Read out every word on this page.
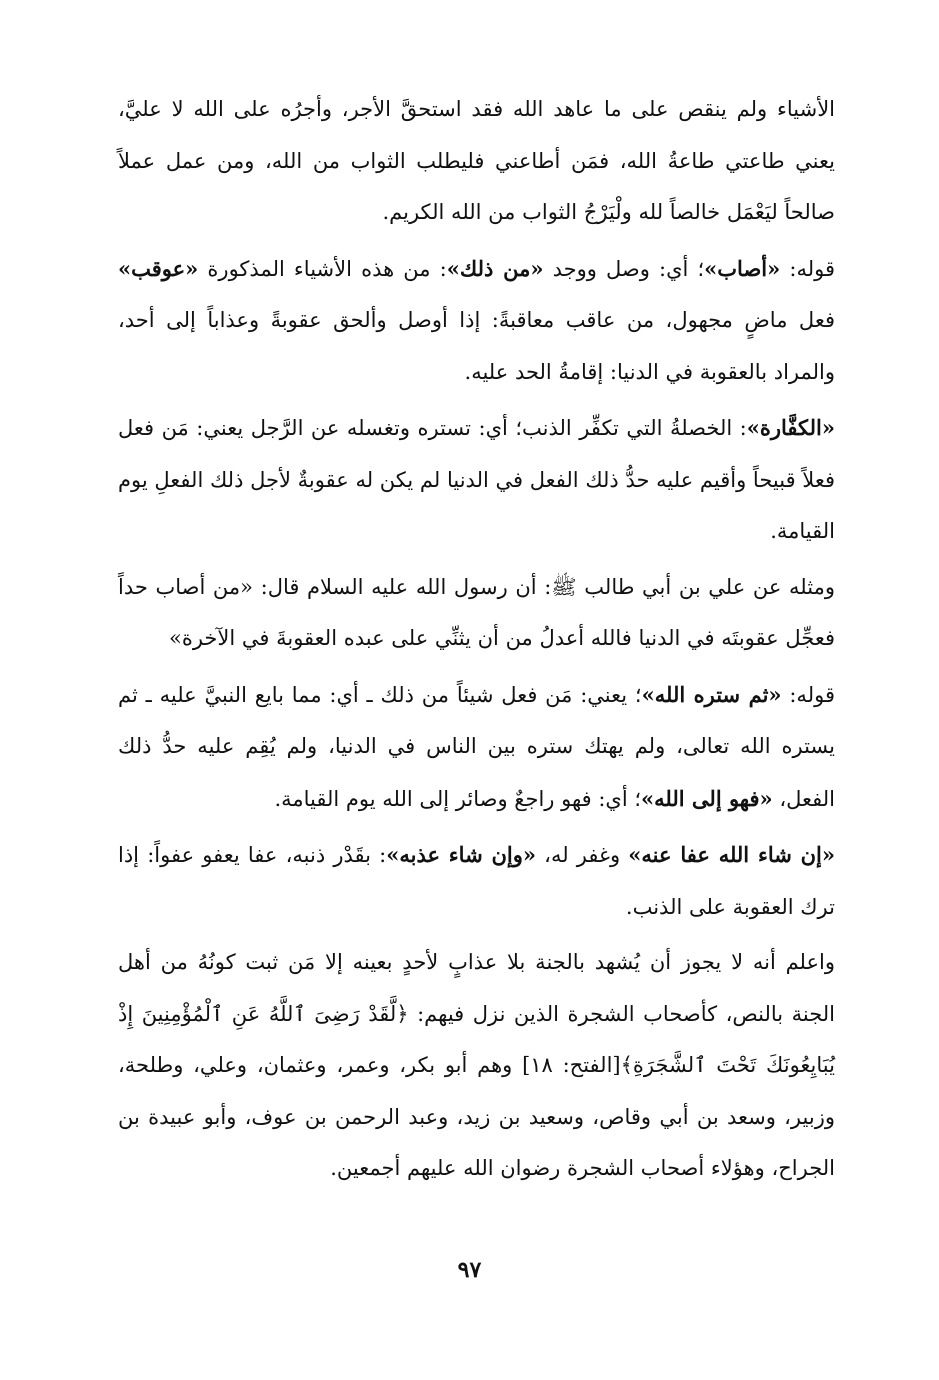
الأشياء ولم ينقص على ما عاهد الله فقد استحقَّ الأجر، وأجرُه على الله لا عليَّ، يعني طاعتي طاعةُ الله، فمَن أطاعني فليطلب الثواب من الله، ومن عمل عملاً صالحاً ليَعْمَل خالصاً لله ولْيَرْجُ الثواب من الله الكريم.

قوله: «أصاب»؛ أي: وصل ووجد «من ذلك»: من هذه الأشياء المذكورة «عوقب» فعل ماضٍ مجهول، من عاقب معاقبةً: إذا أوصل وألحق عقوبةً وعذاباً إلى أحد، والمراد بالعقوبة في الدنيا: إقامةُ الحد عليه.

«الكفَّارة»: الخصلةُ التي تكفِّر الذنب؛ أي: تستره وتغسله عن الرَّجل يعني: مَن فعل فعلاً قبيحاً وأقيم عليه حدُّ ذلك الفعل في الدنيا لم يكن له عقوبةٌ لأجل ذلك الفعلِ يوم القيامة.

ومثله عن علي بن أبي طالب ﷺ: أن رسول الله عليه السلام قال: «من أصاب حداً فعجِّل عقوبتَه في الدنيا فالله أعدلُ من أن يثنِّي على عبده العقوبةَ في الآخرة»

قوله: «ثم ستره الله»؛ يعني: مَن فعل شيئاً من ذلك ـ أي: مما بايع النبيَّ عليه ـ ثم يستره الله تعالى، ولم يهتك ستره بين الناس في الدنيا، ولم يُقِم عليه حدُّ ذلك الفعل، «فهو إلى الله»؛ أي: فهو راجعٌ وصائر إلى الله يوم القيامة.

«إن شاء الله عفا عنه» وغفر له، «وإن شاء عذبه»: بقَدْر ذنبه، عفا يعفو عفواً: إذا ترك العقوبة على الذنب.

واعلم أنه لا يجوز أن يُشهد بالجنة بلا عذابٍ لأحدٍ بعينه إلا مَن ثبت كونُهُ من أهل الجنة بالنص، كأصحاب الشجرة الذين نزل فيهم: ﴿لَّقَدْ رَضِىَ ٱللَّهُ عَنِ ٱلْمُؤْمِنِينَ إِذْ يُبَايِعُونَكَ تَحْتَ ٱلشَّجَرَةِ﴾[الفتح: ١٨] وهم أبو بكر، وعمر، وعثمان، وعلي، وطلحة، وزبير، وسعد بن أبي وقاص، وسعيد بن زيد، وعبد الرحمن بن عوف، وأبو عبيدة بن الجراح، وهؤلاء أصحاب الشجرة رضوان الله عليهم أجمعين.

٩٧
